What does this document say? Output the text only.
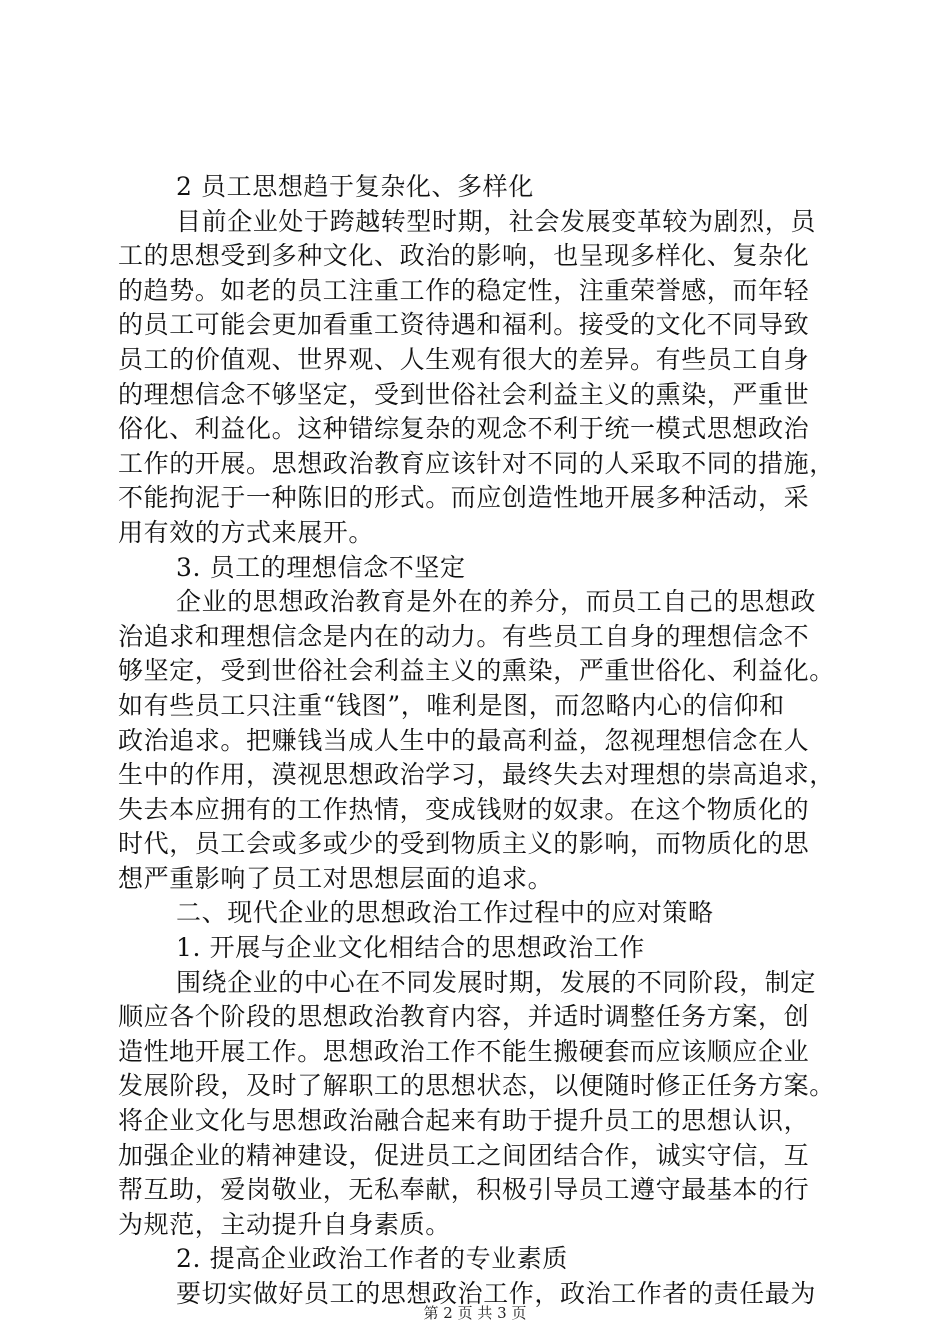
2 员工思想趋于复杂化、多样化
目前企业处于跨越转型时期，社会发展变革较为剧烈，员
工的思想受到多种文化、政治的影响，也呈现多样化、复杂化
的趋势。如老的员工注重工作的稳定性，注重荣誉感，而年轻
的员工可能会更加看重工资待遇和福利。接受的文化不同导致
员工的价值观、世界观、人生观有很大的差异。有些员工自身
的理想信念不够坚定，受到世俗社会利益主义的熏染，严重世
俗化、利益化。这种错综复杂的观念不利于统一模式思想政治
工作的开展。思想政治教育应该针对不同的人采取不同的措施，
不能拘泥于一种陈旧的形式。而应创造性地开展多种活动，采
用有效的方式来展开。
3. 员工的理想信念不坚定
企业的思想政治教育是外在的养分，而员工自己的思想政
治追求和理想信念是内在的动力。有些员工自身的理想信念不
够坚定，受到世俗社会利益主义的熏染，严重世俗化、利益化。
如有些员工只注重“钱图”，唯利是图，而忽略内心的信仰和
政治追求。把赚钱当成人生中的最高利益，忽视理想信念在人
生中的作用，漠视思想政治学习，最终失去对理想的崇高追求，
失去本应拥有的工作热情，变成钱财的奴隶。在这个物质化的
时代，员工会或多或少的受到物质主义的影响，而物质化的思
想严重影响了员工对思想层面的追求。
二、现代企业的思想政治工作过程中的应对策略
1. 开展与企业文化相结合的思想政治工作
围绕企业的中心在不同发展时期，发展的不同阶段，制定
顺应各个阶段的思想政治教育内容，并适时调整任务方案，创
造性地开展工作。思想政治工作不能生搬硬套而应该顺应企业
发展阶段，及时了解职工的思想状态，以便随时修正任务方案。
将企业文化与思想政治融合起来有助于提升员工的思想认识，
加强企业的精神建设，促进员工之间团结合作，诚实守信，互
帮互助，爱岗敬业，无私奉献，积极引导员工遵守最基本的行
为规范，主动提升自身素质。
2. 提高企业政治工作者的专业素质
要切实做好员工的思想政治工作，政治工作者的责任最为
第 2 页 共 3 页
